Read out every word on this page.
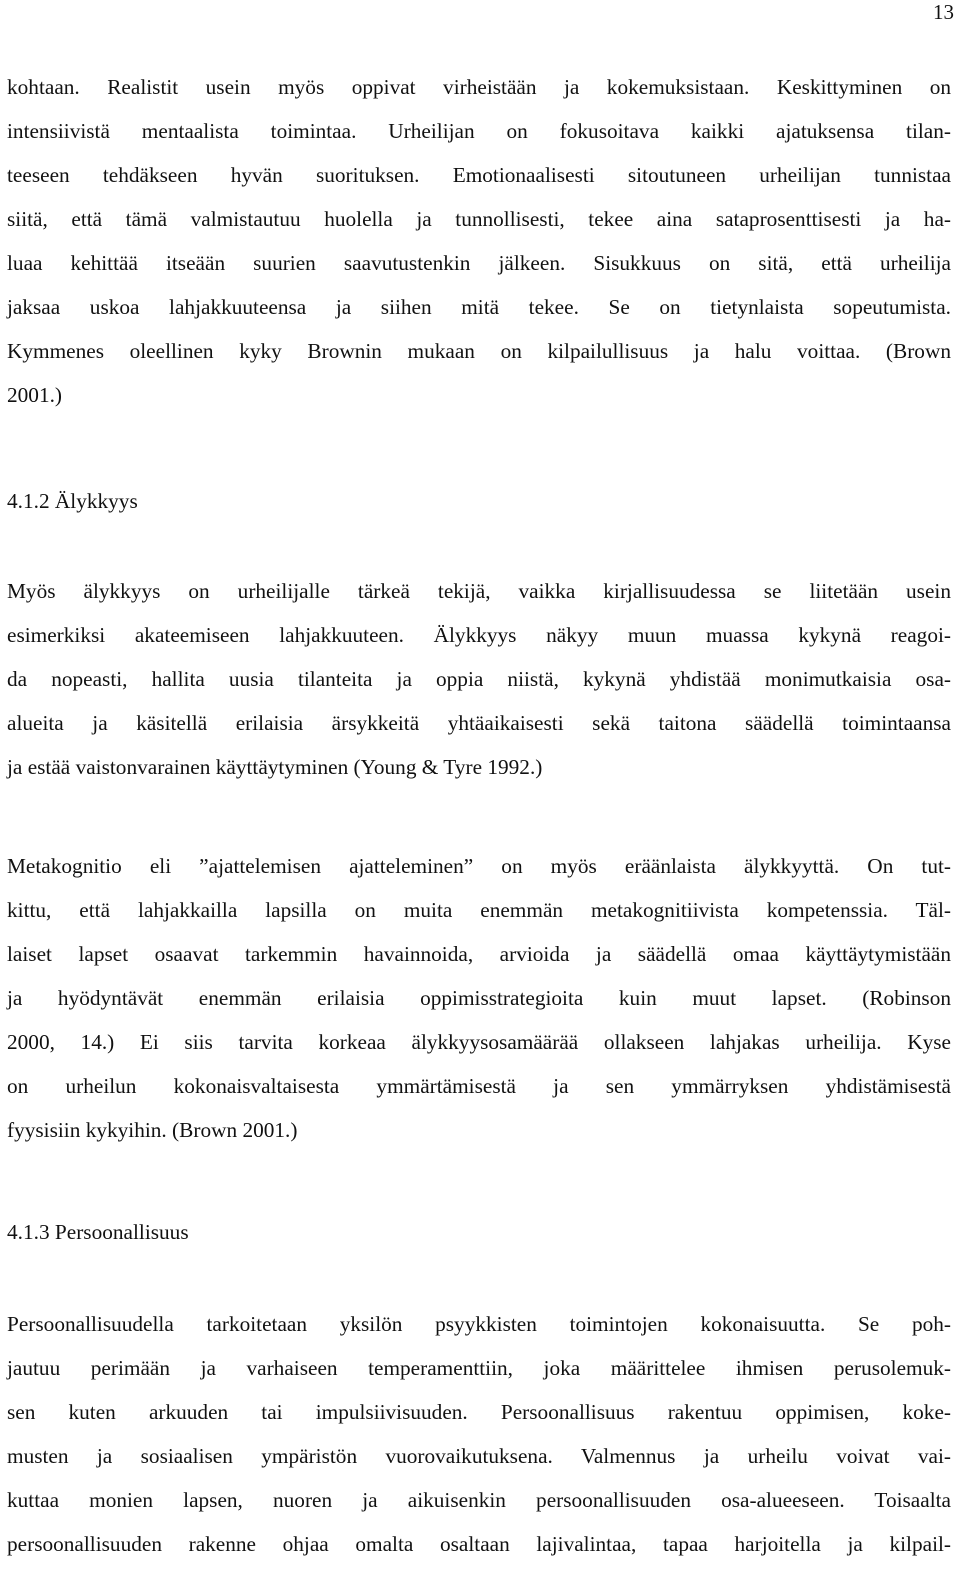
13
kohtaan. Realistit usein myös oppivat virheistään ja kokemuksistaan. Keskittyminen on
intensiivistä mentaalista toimintaa. Urheilijan on fokusoitava kaikki ajatuksensa tilan-
teeseen tehdäkseen hyvän suorituksen. Emotionaalisesti sitoutuneen urheilijan tunnistaa
siitä, että tämä valmistautuu huolella ja tunnollisesti, tekee aina sataprosenttisesti ja ha-
luaa kehittää itseään suurien saavutustenkin jälkeen. Sisukkuus on sitä, että urheilija
jaksaa uskoa lahjakkuuteensa ja siihen mitä tekee. Se on tietynlaista sopeutumista.
Kymmenes oleellinen kyky Brownin mukaan on kilpailullisuus ja halu voittaa. (Brown
2001.)
4.1.2 Älykkyys
Myös älykkyys on urheilijalle tärkeä tekijä, vaikka kirjallisuudessa se liitetään usein
esimerkiksi akateemiseen lahjakkuuteen. Älykkyys näkyy muun muassa kykynä reagoi-
da nopeasti, hallita uusia tilanteita ja oppia niistä, kykynä yhdistää monimutkaisia osa-
alueita ja käsitellä erilaisia ärsykkeitä yhtäaikaisesti sekä taitona säädellä toimintaansa
ja estää vaistonvarainen käyttäytyminen (Young & Tyre 1992.)
Metakognitio eli ”ajattelemisen ajatteleminen” on myös eräänlaista älykkyyttä. On tut-
kittu, että lahjakkailla lapsilla on muita enemmän metakognitiivista kompetenssia. Täl-
laiset lapset osaavat tarkemmin havainnoida, arvioida ja säädellä omaa käyttäytymistään
ja hyödyntävät enemmän erilaisia oppimisstrategioita kuin muut lapset. (Robinson
2000, 14.) Ei siis tarvita korkeaa älykkyysosamäärää ollakseen lahjakas urheilija. Kyse
on urheilun kokonaisvaltaisesta ymmärtämisestä ja sen ymmärryksen yhdistämisestä
fyysisiin kykyihin. (Brown 2001.)
4.1.3 Persoonallisuus
Persoonallisuudella tarkoitetaan yksilön psyykkisten toimintojen kokonaisuutta. Se poh-
jautuu perimään ja varhaiseen temperamenttiin, joka määrittelee ihmisen perusolemuk-
sen kuten arkuuden tai impulsiivisuuden. Persoonallisuus rakentuu oppimisen, koke-
musten ja sosiaalisen ympäristön vuorovaikutuksena. Valmennus ja urheilu voivat vai-
kuttaa monien lapsen, nuoren ja aikuisenkin persoonallisuuden osa-alueeseen. Toisaalta
persoonallisuuden rakenne ohjaa omalta osaltaan lajivalintaa, tapaa harjoitella ja kilpail-
